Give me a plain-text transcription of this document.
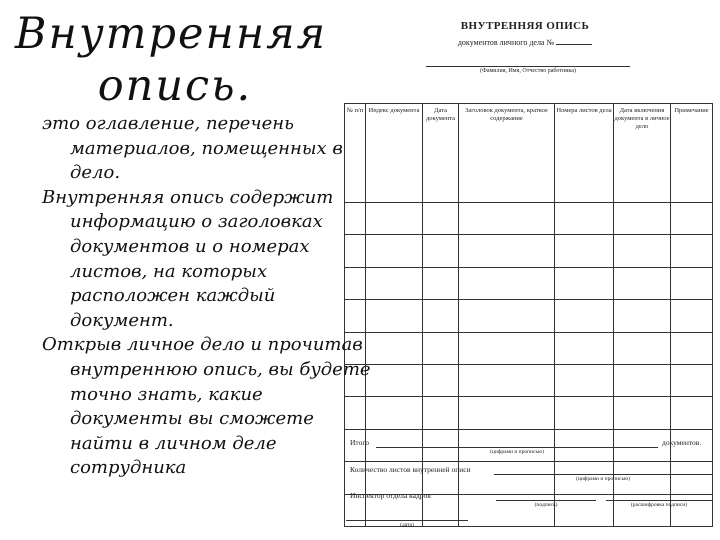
Внутренняя
опись.
ВНУТРЕННЯЯ ОПИСЬ
документов личного дела №
(Фамилия, Имя, Отчество работника)
№ п/п	Индекс документа	Дата документа	Заголовок документа, краткое содержание	Номера листов дела	Дата включения документа в личное дело	Примечание

Итого	документов.
(цифрами и прописью)
Количество листов внутренней описи
(цифрами и прописью)
Инспектор отдела кадров
(подпись)	(расшифровка подписи)
(дата)

это оглавление, перечень материалов, помещенных в дело.

Внутренняя опись содержит информацию о заголовках документов и о номерах листов, на которых расположен каждый документ.

Открыв личное дело и прочитав внутреннюю опись, вы будете точно знать, какие документы вы сможете найти в личном деле сотрудника
